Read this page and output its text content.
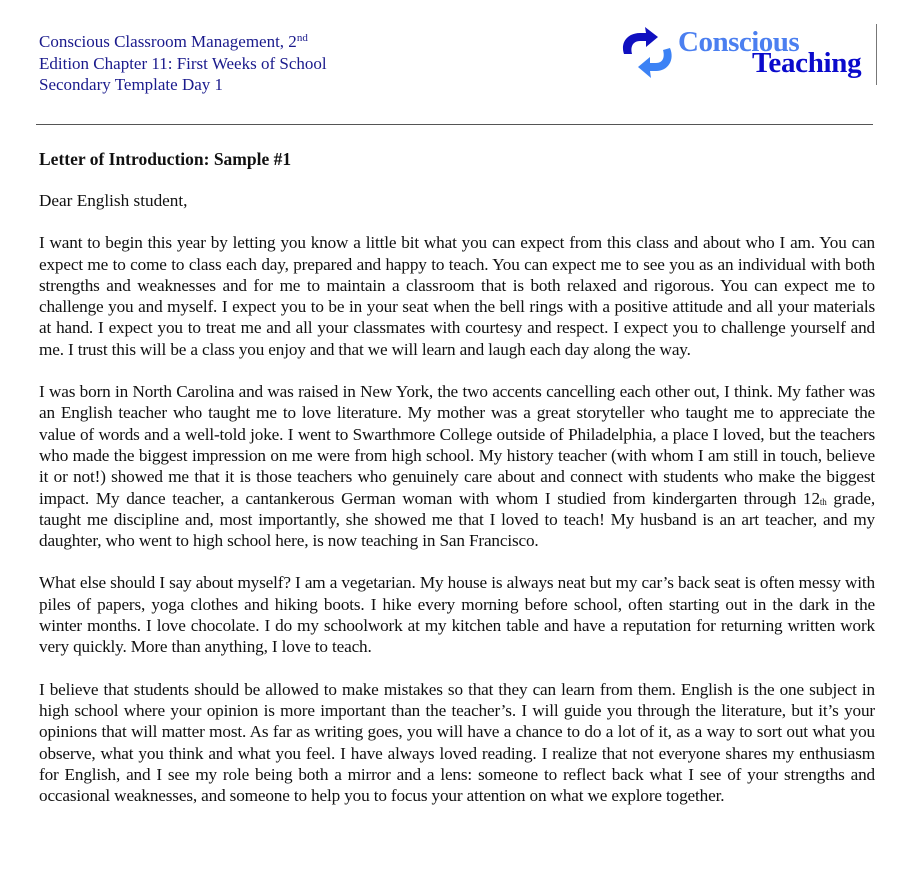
Conscious Classroom Management, 2nd
Edition Chapter 11: First Weeks of School
Secondary Template Day 1
Conscious
Teaching
Letter of Introduction: Sample #1
Dear English student,

I want to begin this year by letting you know a little bit what you can expect from this class and about who I am. You can expect me to come to class each day, prepared and happy to teach. You can expect me to see you as an individual with both strengths and weaknesses and for me to maintain a classroom that is both relaxed and rigorous. You can expect me to challenge you and myself. I expect you to be in your seat when the bell rings with a positive attitude and all your materials at hand. I expect you to treat me and all your classmates with courtesy and respect. I expect you to challenge yourself and me. I trust this will be a class you enjoy and that we will learn and laugh each day along the way.

I was born in North Carolina and was raised in New York, the two accents cancelling each other out, I think. My father was an English teacher who taught me to love literature. My mother was a great storyteller who taught me to appreciate the value of words and a well-told joke. I went to Swarthmore College outside of Philadelphia, a place I loved, but the teachers who made the biggest impression on me were from high school. My history teacher (with whom I am still in touch, believe it or not!) showed me that it is those teachers who genuinely care about and connect with students who make the biggest impact. My dance teacher, a cantankerous German woman with whom I studied from kindergarten through $12_{th}$ grade, taught me discipline and, most importantly, she showed me that I loved to teach! My husband is an art teacher, and my daughter, who went to high school here, is now teaching in San Francisco.

What else should I say about myself? I am a vegetarian. My house is always neat but my car’s back seat is often messy with piles of papers, yoga clothes and hiking boots. I hike every morning before school, often starting out in the dark in the winter months. I love chocolate. I do my schoolwork at my kitchen table and have a reputation for returning written work very quickly. More than anything, I love to teach.

I believe that students should be allowed to make mistakes so that they can learn from them. English is the one subject in high school where your opinion is more important than the teacher’s. I will guide you through the literature, but it’s your opinions that will matter most. As far as writing goes, you will have a chance to do a lot of it, as a way to sort out what you observe, what you think and what you feel. I have always loved reading. I realize that not everyone shares my enthusiasm for English, and I see my role being both a mirror and a lens: someone to reflect back what I see of your strengths and occasional weaknesses, and someone to help you to focus your attention on what we explore together.
